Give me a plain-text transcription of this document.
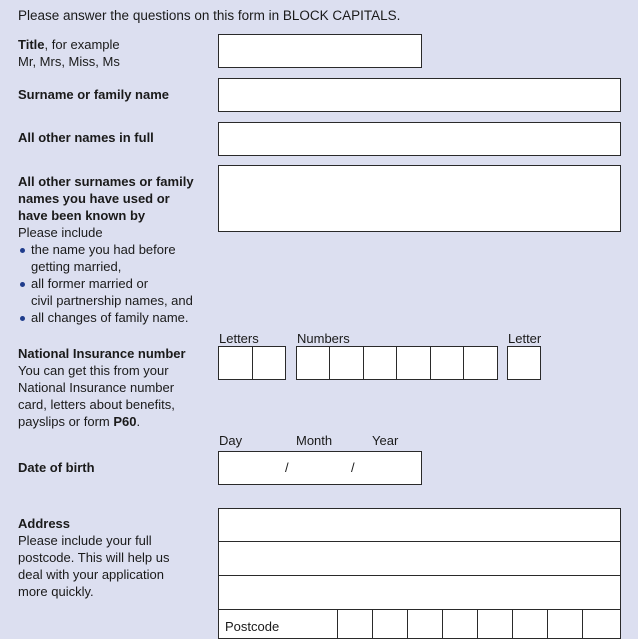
Please answer the questions on this form in BLOCK CAPITALS.
Title, for example
Mr, Mrs, Miss, Ms
Surname or family name
All other names in full
All other surnames or family
names you have used or
have been known by
Please include
the name you had before
getting married,
all former married or
civil partnership names, and
all changes of family name.
Letters	Numbers	Letter
National Insurance number
You can get this from your
National Insurance number
card, letters about benefits,
payslips or form P60.
Day	Month	Year
Date of birth	/	/
Address
Please include your full
postcode. This will help us
deal with your application
more quickly.
Postcode
